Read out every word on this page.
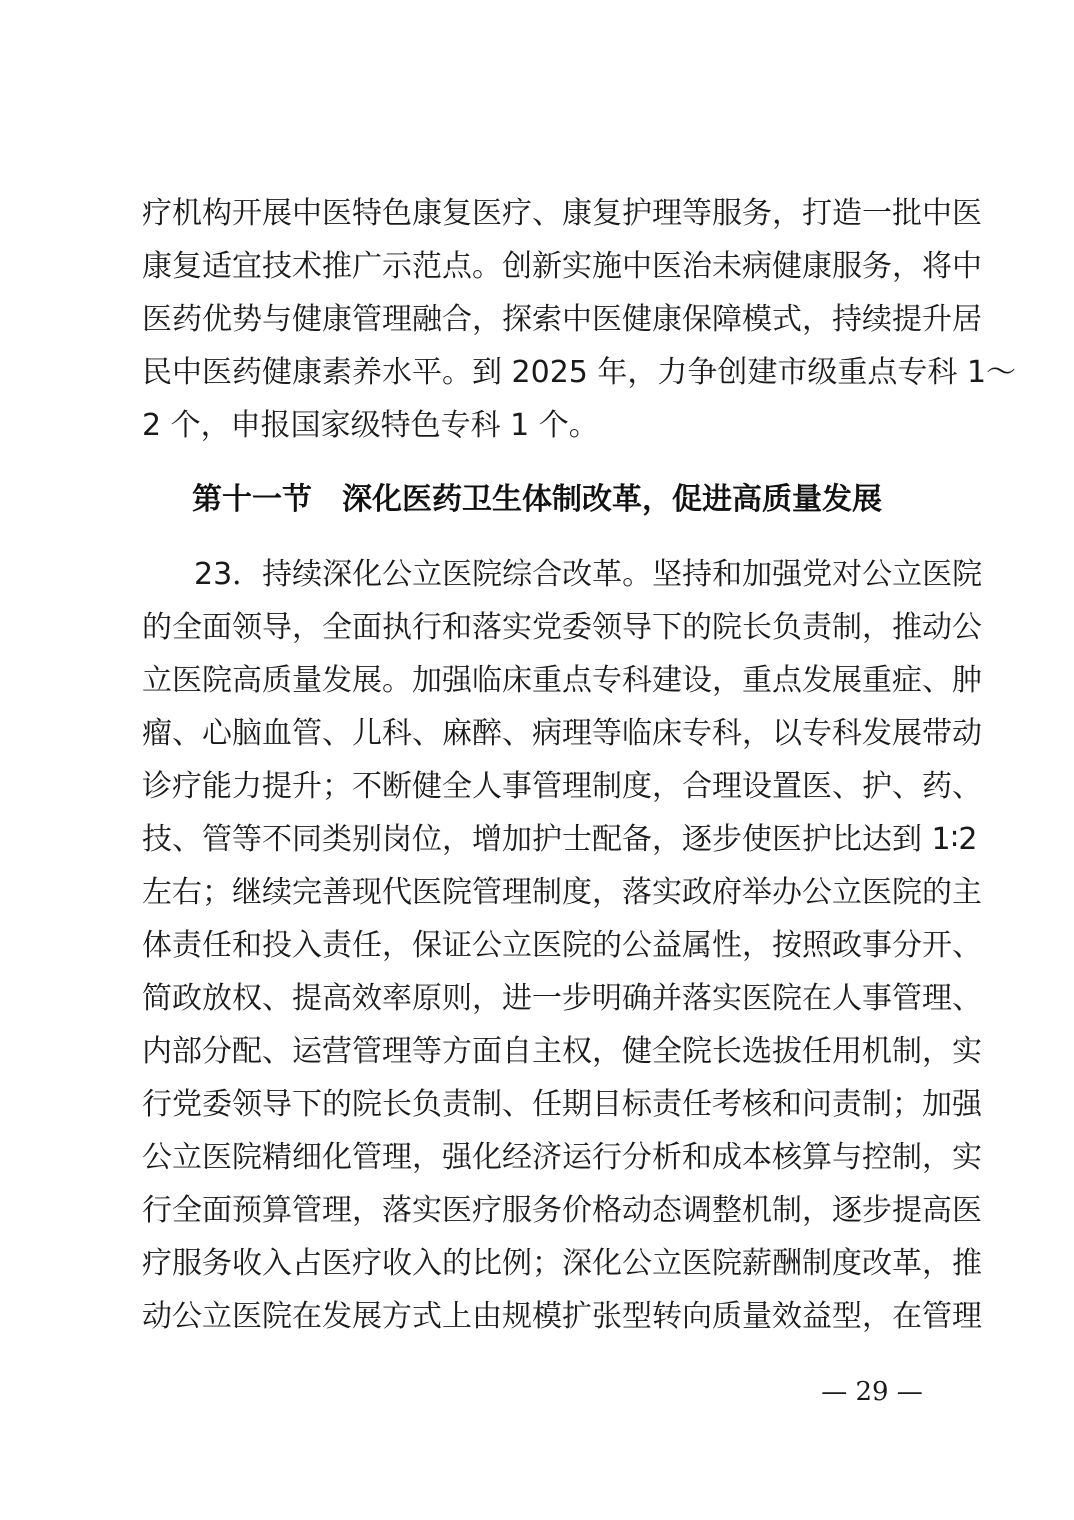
疗机构开展中医特色康复医疗、康复护理等服务，打造一批中医
康复适宜技术推广示范点。创新实施中医治未病健康服务，将中
医药优势与健康管理融合，探索中医健康保障模式，持续提升居
民中医药健康素养水平。到 2025 年，力争创建市级重点专科 1～
2 个，申报国家级特色专科 1 个。
第十一节　深化医药卫生体制改革，促进高质量发展
23．持续深化公立医院综合改革。坚持和加强党对公立医院
的全面领导，全面执行和落实党委领导下的院长负责制，推动公
立医院高质量发展。加强临床重点专科建设，重点发展重症、肿
瘤、心脑血管、儿科、麻醉、病理等临床专科，以专科发展带动
诊疗能力提升；不断健全人事管理制度，合理设置医、护、药、
技、管等不同类别岗位，增加护士配备，逐步使医护比达到 1∶2
左右；继续完善现代医院管理制度，落实政府举办公立医院的主
体责任和投入责任，保证公立医院的公益属性，按照政事分开、
简政放权、提高效率原则，进一步明确并落实医院在人事管理、
内部分配、运营管理等方面自主权，健全院长选拔任用机制，实
行党委领导下的院长负责制、任期目标责任考核和问责制；加强
公立医院精细化管理，强化经济运行分析和成本核算与控制，实
行全面预算管理，落实医疗服务价格动态调整机制，逐步提高医
疗服务收入占医疗收入的比例；深化公立医院薪酬制度改革，推
动公立医院在发展方式上由规模扩张型转向质量效益型，在管理
— 29 —
